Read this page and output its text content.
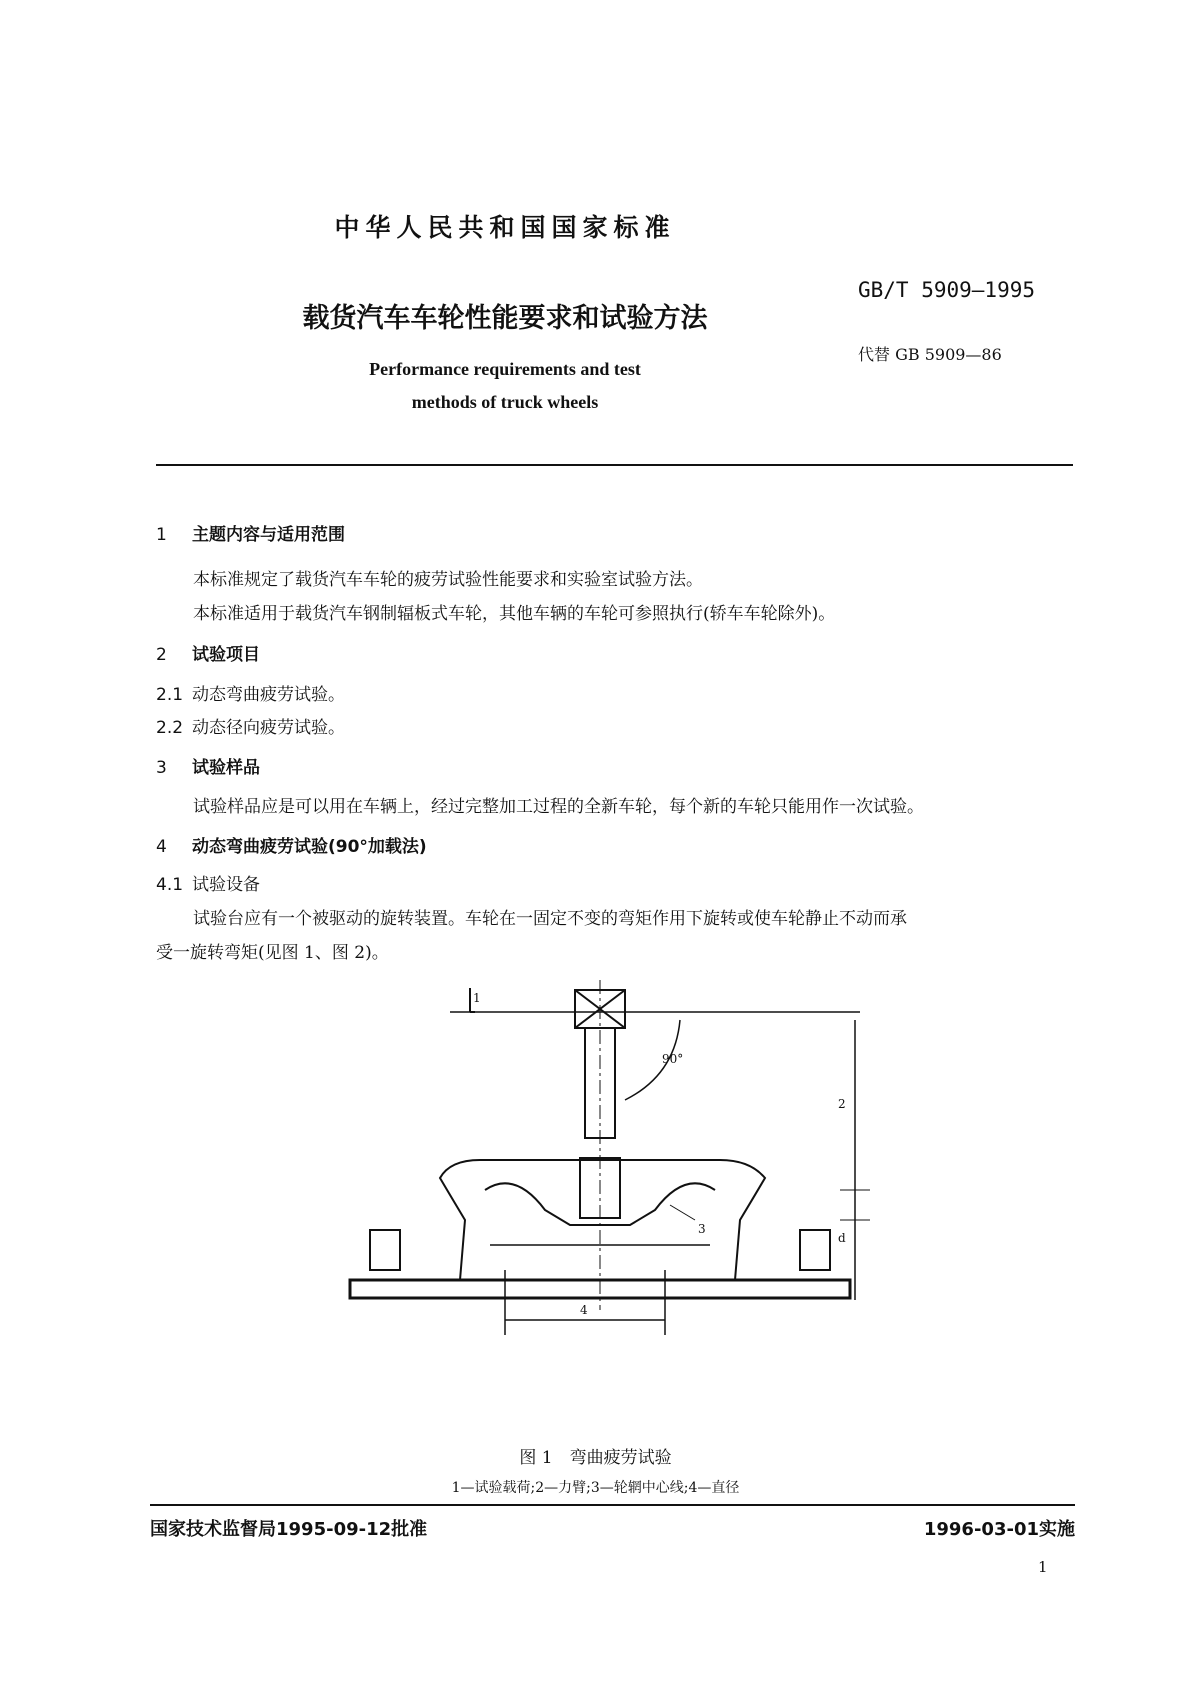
中华人民共和国国家标准
GB/T 5909—1995
载货汽车车轮性能要求和试验方法
代替 GB 5909—86
Performance requirements and test
methods of truck wheels
1 主题内容与适用范围
本标准规定了载货汽车车轮的疲劳试验性能要求和实验室试验方法。
本标准适用于载货汽车钢制辐板式车轮，其他车辆的车轮可参照执行(轿车车轮除外)。
2 试验项目
2.1 动态弯曲疲劳试验。
2.2 动态径向疲劳试验。
3 试验样品
试验样品应是可以用在车辆上，经过完整加工过程的全新车轮，每个新的车轮只能用作一次试验。
4 动态弯曲疲劳试验(90°加载法)
4.1 试验设备
试验台应有一个被驱动的旋转装置。车轮在一固定不变的弯矩作用下旋转或使车轮静止不动而承
受一旋转弯矩(见图 1、图 2)。
1
90°
2
3
4
d
图 1　弯曲疲劳试验
1—试验载荷;2—力臂;3—轮辋中心线;4—直径
国家技术监督局1995-09-12批准	1996-03-01实施
1
